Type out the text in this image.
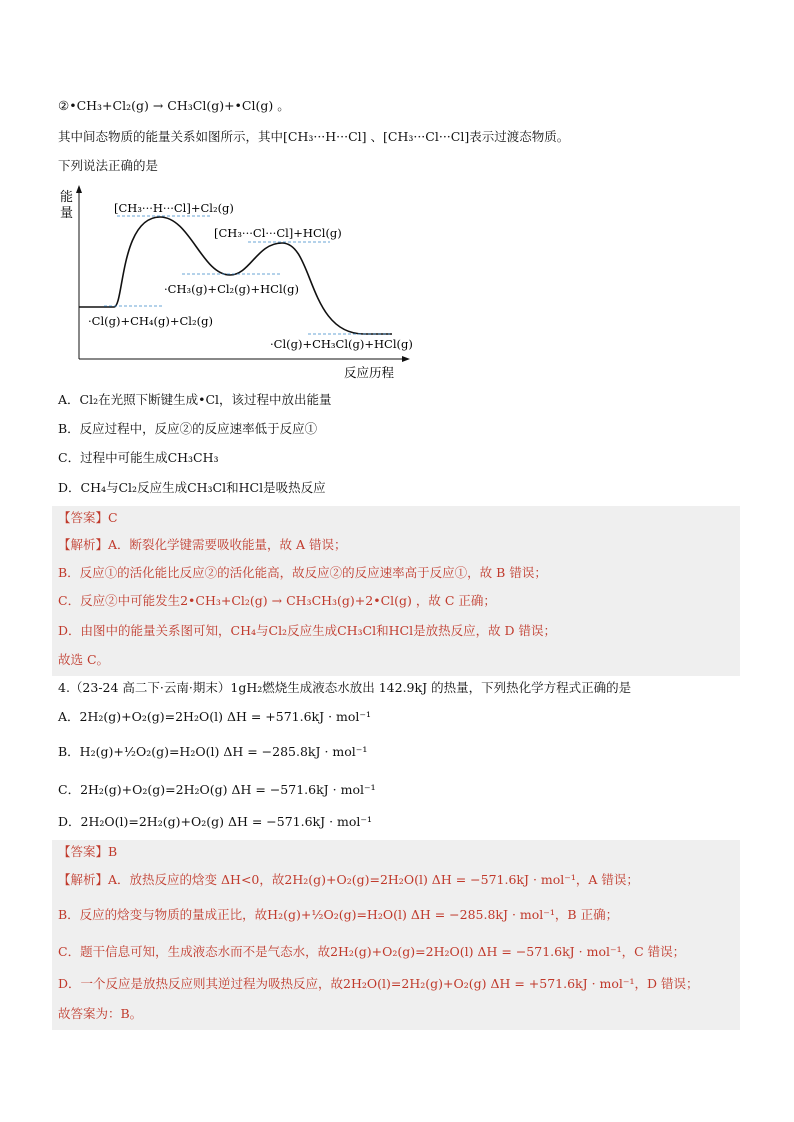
②•CH₃+Cl₂(g) → CH₃Cl(g)+•Cl(g) 。
其中间态物质的能量关系如图所示，其中[CH₃···H···Cl] 、[CH₃···Cl···Cl]表示过渡态物质。
下列说法正确的是
能
量	[CH₃···H···Cl]+Cl₂(g)
[CH₃···Cl···Cl]+HCl(g)
·CH₃(g)+Cl₂(g)+HCl(g)
·Cl(g)+CH₄(g)+Cl₂(g)
·Cl(g)+CH₃Cl(g)+HCl(g)
反应历程
A．Cl₂在光照下断键生成•Cl，该过程中放出能量
B．反应过程中，反应②的反应速率低于反应①
C．过程中可能生成CH₃CH₃
D．CH₄与Cl₂反应生成CH₃Cl和HCl是吸热反应
【答案】C
【解析】A．断裂化学键需要吸收能量，故 A 错误；
B．反应①的活化能比反应②的活化能高，故反应②的反应速率高于反应①，故 B 错误；
C．反应②中可能发生2•CH₃+Cl₂(g) → CH₃CH₃(g)+2•Cl(g) ，故 C 正确；
D．由图中的能量关系图可知，CH₄与Cl₂反应生成CH₃Cl和HCl是放热反应，故 D 错误；
故选 C。
4.（23-24 高二下·云南·期末）1gH₂燃烧生成液态水放出 142.9kJ 的热量，下列热化学方程式正确的是
A．2H₂(g)+O₂(g)=2H₂O(l) ΔH = +571.6kJ · mol⁻¹
B．H₂(g)+½O₂(g)=H₂O(l) ΔH = −285.8kJ · mol⁻¹
C．2H₂(g)+O₂(g)=2H₂O(g) ΔH = −571.6kJ · mol⁻¹
D．2H₂O(l)=2H₂(g)+O₂(g) ΔH = −571.6kJ · mol⁻¹
【答案】B
【解析】A．放热反应的焓变 ΔH<0，故2H₂(g)+O₂(g)=2H₂O(l) ΔH = −571.6kJ · mol⁻¹，A 错误；
B．反应的焓变与物质的量成正比，故H₂(g)+½O₂(g)=H₂O(l) ΔH = −285.8kJ · mol⁻¹，B 正确；
C．题干信息可知，生成液态水而不是气态水，故2H₂(g)+O₂(g)=2H₂O(l) ΔH = −571.6kJ · mol⁻¹，C 错误；
D．一个反应是放热反应则其逆过程为吸热反应，故2H₂O(l)=2H₂(g)+O₂(g) ΔH = +571.6kJ · mol⁻¹，D 错误；
故答案为：B。
